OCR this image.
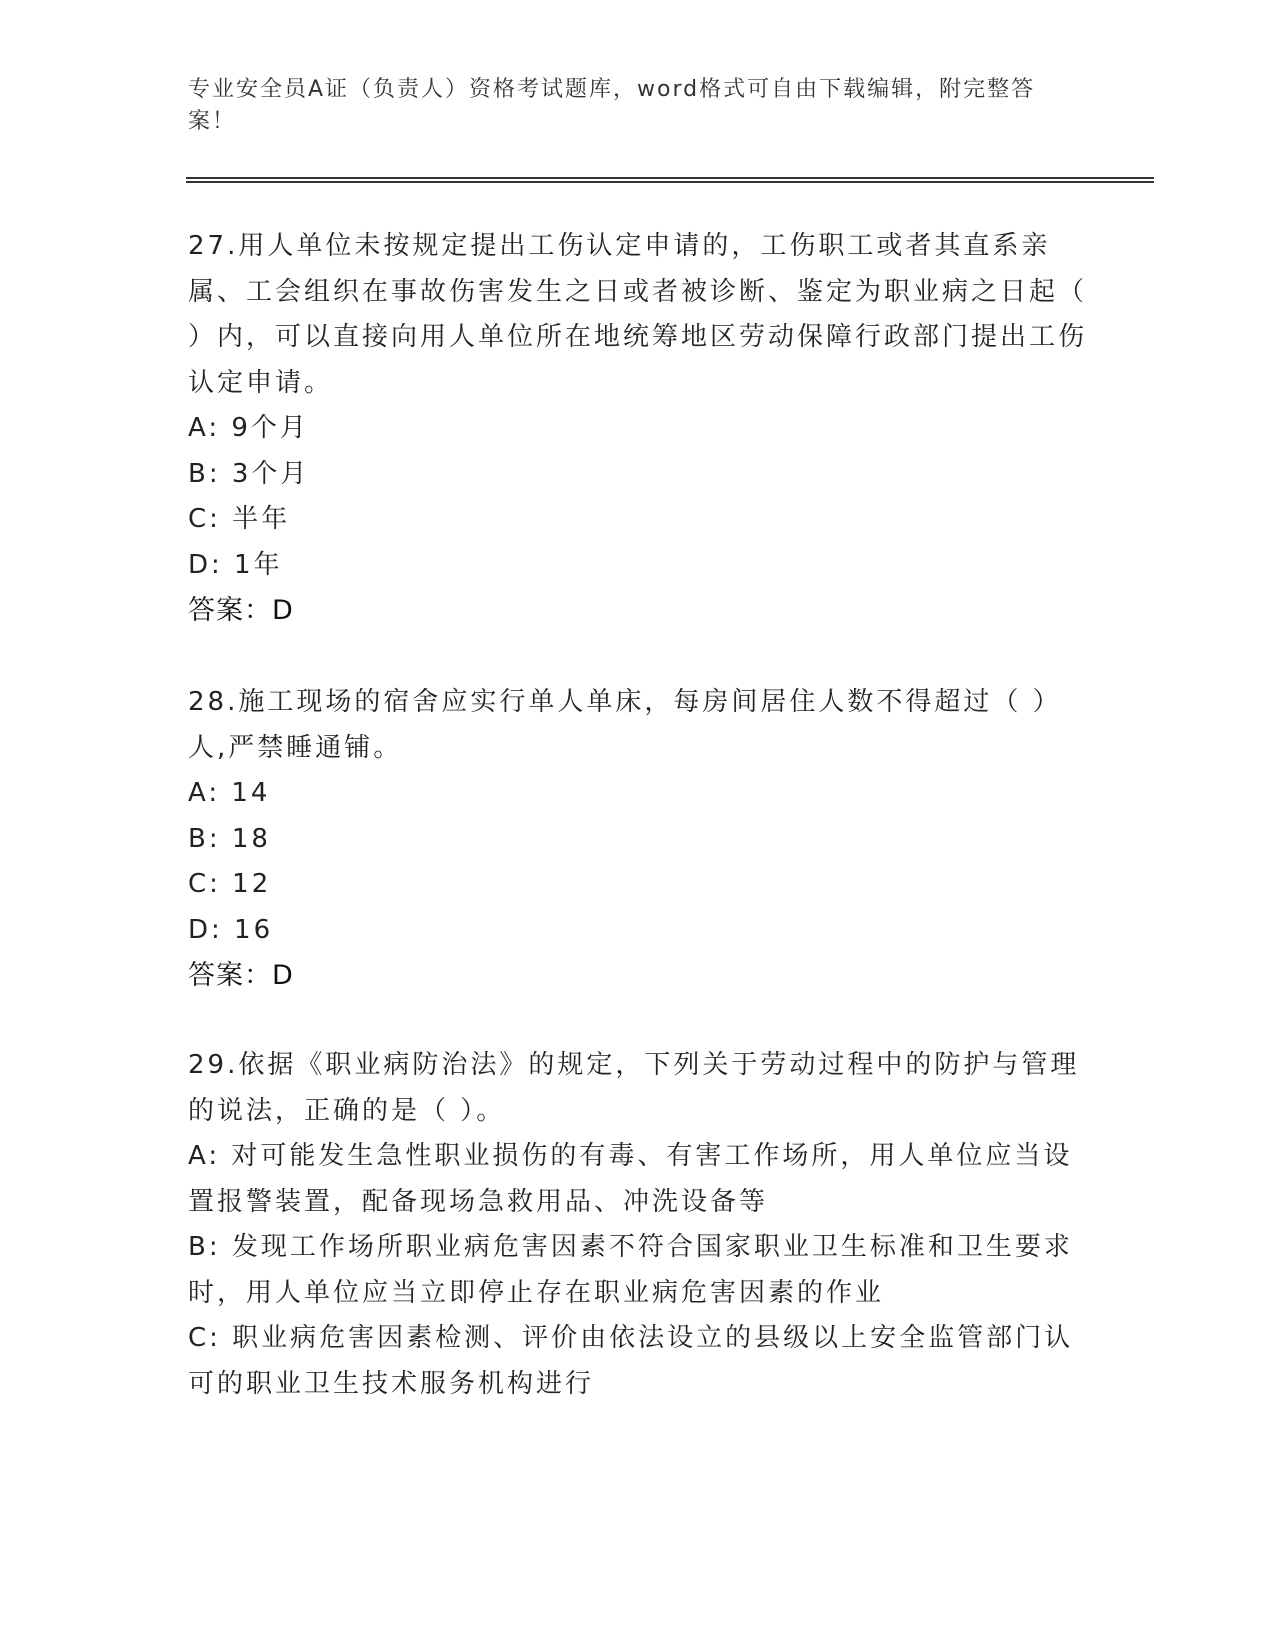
专业安全员A证（负责人）资格考试题库，word格式可自由下载编辑，附完整答案！

27.用人单位未按规定提出工伤认定申请的，工伤职工或者其直系亲属、工会组织在事故伤害发生之日或者被诊断、鉴定为职业病之日起（ ）内，可以直接向用人单位所在地统筹地区劳动保障行政部门提出工伤认定申请。

A: 9个月

B: 3个月

C: 半年

D: 1年

答案：D

28.施工现场的宿舍应实行单人单床，每房间居住人数不得超过（ ）人,严禁睡通铺。

A: 14

B: 18

C: 12

D: 16

答案：D

29.依据《职业病防治法》的规定，下列关于劳动过程中的防护与管理的说法，正确的是（ ）。

A: 对可能发生急性职业损伤的有毒、有害工作场所，用人单位应当设置报警装置，配备现场急救用品、冲洗设备等

B: 发现工作场所职业病危害因素不符合国家职业卫生标准和卫生要求时，用人单位应当立即停止存在职业病危害因素的作业

C: 职业病危害因素检测、评价由依法设立的县级以上安全监管部门认可的职业卫生技术服务机构进行
